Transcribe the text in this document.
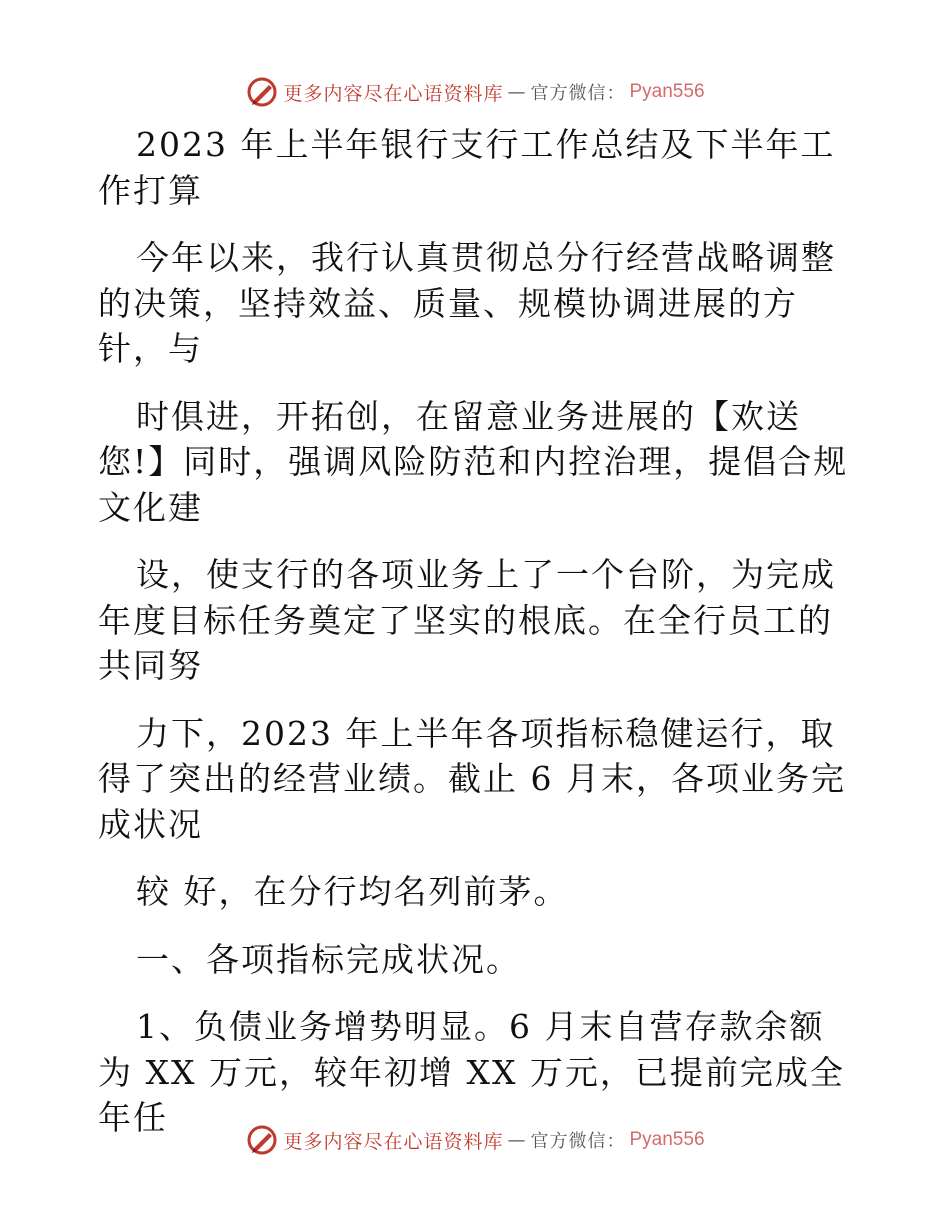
更多内容尽在心语资料库 — 官方微信： Pyan556

2023 年上半年银行支行工作总结及下半年工作打算

今年以来，我行认真贯彻总分行经营战略调整的决策，坚持效益、质量、规模协调进展的方针，与

时俱进，开拓创，在留意业务进展的【欢送您!】同时，强调风险防范和内控治理，提倡合规文化建

设，使支行的各项业务上了一个台阶，为完成年度目标任务奠定了坚实的根底。在全行员工的共同努

力下，2023 年上半年各项指标稳健运行，取得了突出的经营业绩。截止 6 月末，各项业务完成状况

较 好，在分行均名列前茅。

一、各项指标完成状况。

1、负债业务增势明显。6 月末自营存款余额为 XX 万元，较年初增 XX 万元，已提前完成全年任

更多内容尽在心语资料库 — 官方微信： Pyan556
